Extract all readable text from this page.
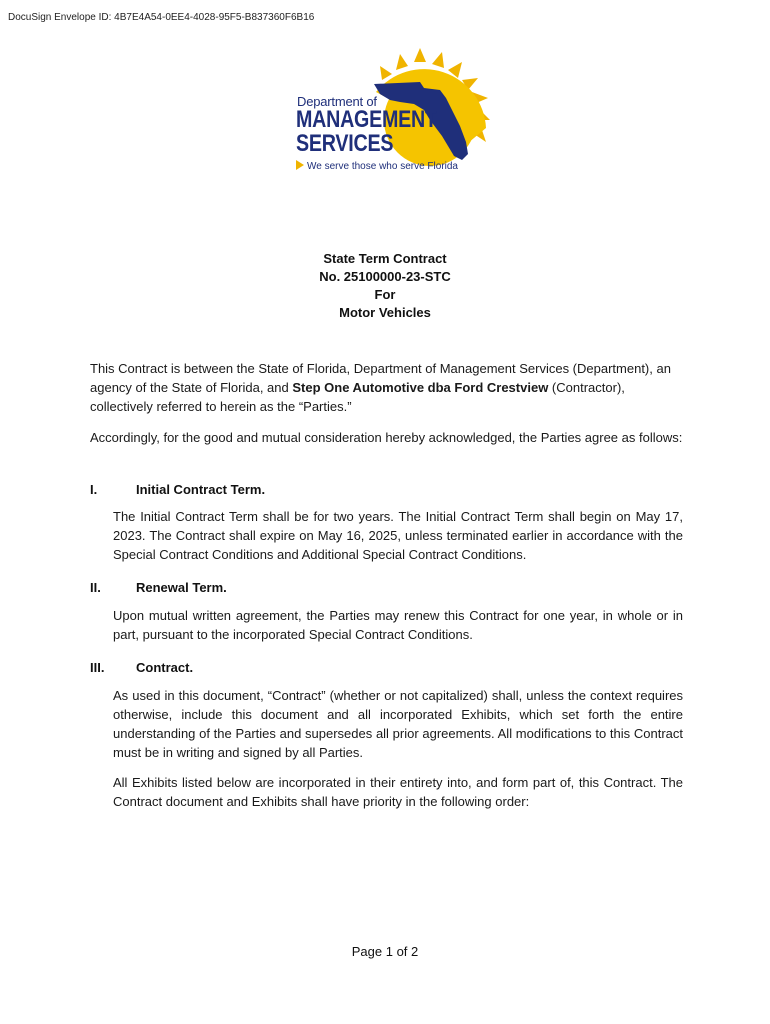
DocuSign Envelope ID: 4B7E4A54-0EE4-4028-95F5-B837360F6B16
Department of
MANAGEMENT
SERVICES
We serve those who serve Florida
State Term Contract
No. 25100000-23-STC
For
Motor Vehicles

This Contract is between the State of Florida, Department of Management Services (Department), an agency of the State of Florida, and Step One Automotive dba Ford Crestview (Contractor), collectively referred to herein as the “Parties.”

Accordingly, for the good and mutual consideration hereby acknowledged, the Parties agree as follows:

I.	Initial Contract Term.

The Initial Contract Term shall be for two years. The Initial Contract Term shall begin on May 17, 2023. The Contract shall expire on May 16, 2025, unless terminated earlier in accordance with the Special Contract Conditions and Additional Special Contract Conditions.

II.	Renewal Term.

Upon mutual written agreement, the Parties may renew this Contract for one year, in whole or in part, pursuant to the incorporated Special Contract Conditions.

III. Contract.

As used in this document, “Contract” (whether or not capitalized) shall, unless the context requires otherwise, include this document and all incorporated Exhibits, which set forth the entire understanding of the Parties and supersedes all prior agreements. All modifications to this Contract must be in writing and signed by all Parties.

All Exhibits listed below are incorporated in their entirety into, and form part of, this Contract. The Contract document and Exhibits shall have priority in the following order:

Page 1 of 2
